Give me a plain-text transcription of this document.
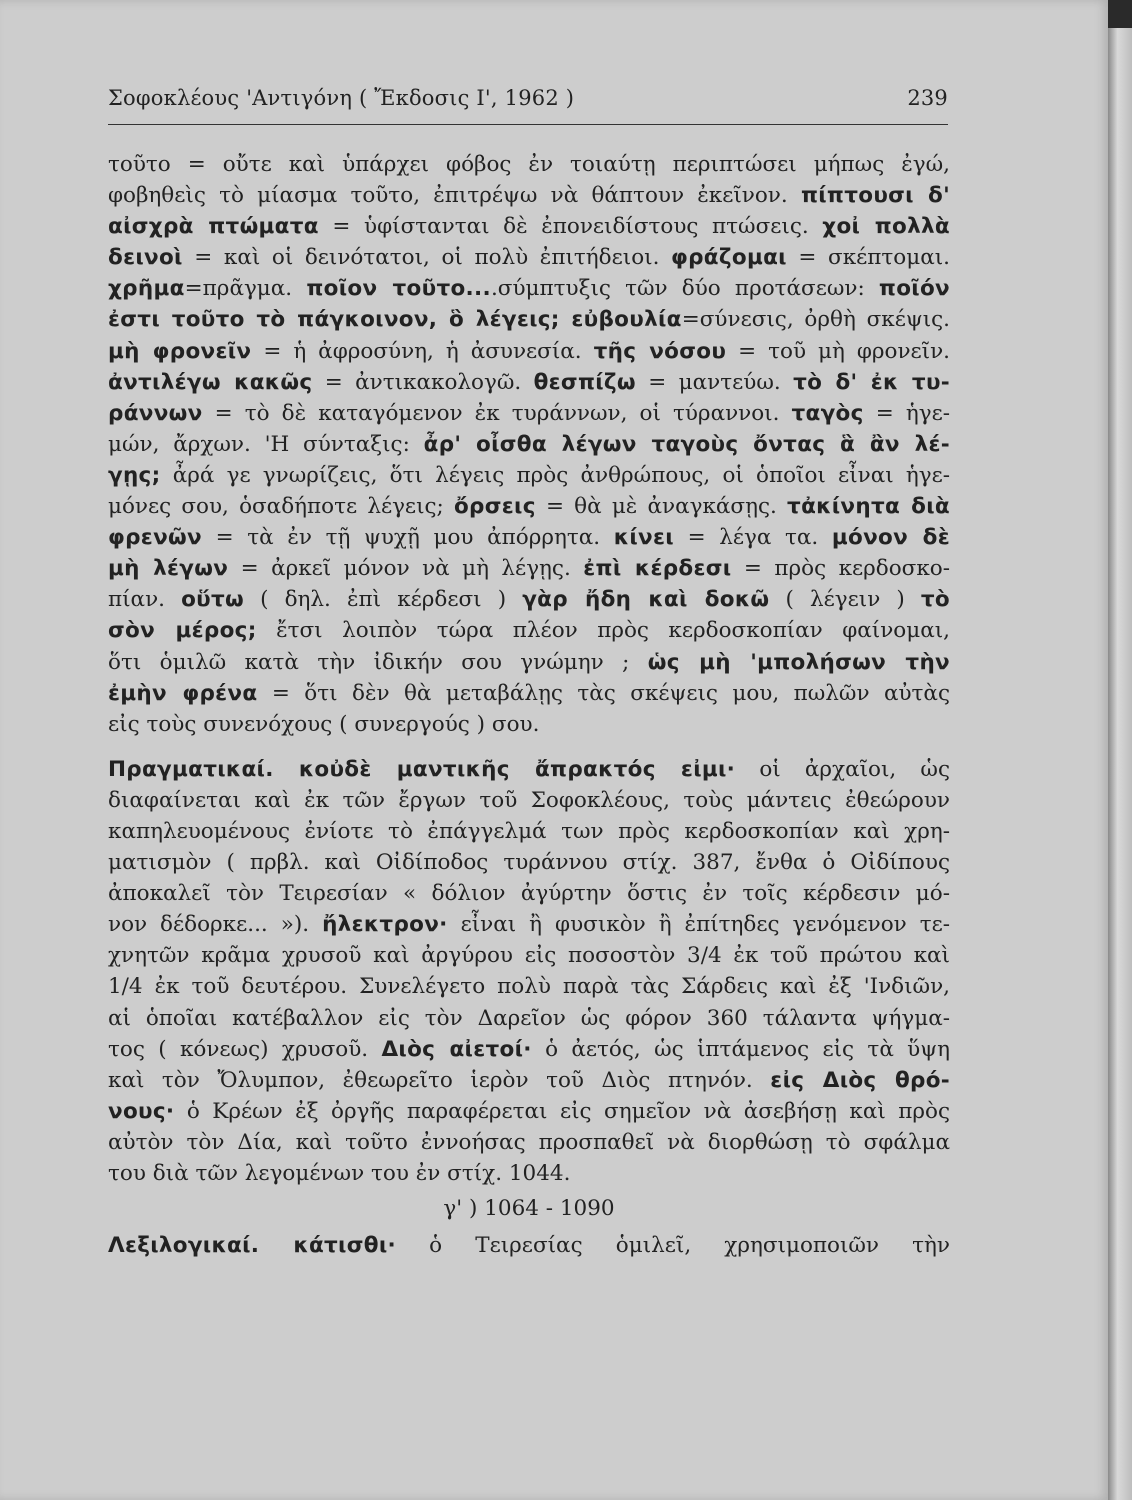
Σοφοκλέους 'Αντιγόνη ( Ἔκδοσις Ι', 1962 )	239
τοῦτο = οὔτε καὶ ὑπάρχει φόβος ἐν τοιαύτῃ περιπτώσει μήπως ἐγώ,
φοβηθεὶς τὸ μίασμα τοῦτο, ἐπιτρέψω νὰ θάπτουν ἐκεῖνον. πίπτουσι δ'
αἰσχρὰ πτώματα = ὑφίστανται δὲ ἐπονειδίστους πτώσεις. χοἰ πολλὰ
δεινοὶ = καὶ οἱ δεινότατοι, οἱ πολὺ ἐπιτήδειοι. φράζομαι = σκέπτομαι.
χρῆμα=πρᾶγμα. ποῖον τοῦτο....σύμπτυξις τῶν δύο προτάσεων: ποῖόν
ἐστι τοῦτο τὸ πάγκοινον, ὃ λέγεις; εὐβουλία=σύνεσις, ὀρθὴ σκέψις.
μὴ φρονεῖν = ἡ ἀφροσύνη, ἡ ἀσυνεσία. τῆς νόσου = τοῦ μὴ φρονεῖν.
ἀντιλέγω κακῶς = ἀντικακολογῶ. θεσπίζω = μαντεύω. τὸ δ' ἐκ τυ-
ράννων = τὸ δὲ καταγόμενον ἐκ τυράννων, οἱ τύραννοι. ταγὸς = ἡγε-
μών, ἄρχων. 'Η σύνταξις: ἆρ' οἶσθα λέγων ταγοὺς ὄντας ἃ ἂν λέ-
γῃς; ἆρά γε γνωρίζεις, ὅτι λέγεις πρὸς ἀνθρώπους, οἱ ὁποῖοι εἶναι ἡγε-
μόνες σου, ὁσαδήποτε λέγεις; ὄρσεις = θὰ μὲ ἀναγκάσῃς. τἀκίνητα διὰ
φρενῶν = τὰ ἐν τῇ ψυχῇ μου ἀπόρρητα. κίνει = λέγα τα. μόνον δὲ
μὴ λέγων = ἀρκεῖ μόνον νὰ μὴ λέγῃς. ἐπὶ κέρδεσι = πρὸς κερδοσκο-
πίαν. οὕτω ( δηλ. ἐπὶ κέρδεσι ) γὰρ ἤδη καὶ δοκῶ ( λέγειν ) τὸ
σὸν μέρος; ἔτσι λοιπὸν τώρα πλέον πρὸς κερδοσκοπίαν φαίνομαι,
ὅτι ὁμιλῶ κατὰ τὴν ἰδικήν σου γνώμην ; ὡς μὴ 'μπολήσων τὴν
ἐμὴν φρένα = ὅτι δὲν θὰ μεταβάλῃς τὰς σκέψεις μου, πωλῶν αὐτὰς
εἰς τοὺς συνενόχους ( συνεργούς ) σου.
Πραγματικαί. κοὐδὲ μαντικῆς ἄπρακτός εἰμι· οἱ ἀρχαῖοι, ὡς
διαφαίνεται καὶ ἐκ τῶν ἔργων τοῦ Σοφοκλέους, τοὺς μάντεις ἐθεώρουν
καπηλευομένους ἐνίοτε τὸ ἐπάγγελμά των πρὸς κερδοσκοπίαν καὶ χρη-
ματισμὸν ( πρβλ. καὶ Οἰδίποδος τυράννου στίχ. 387, ἔνθα ὁ Οἰδίπους
ἀποκαλεῖ τὸν Τειρεσίαν « δόλιον ἀγύρτην ὅστις ἐν τοῖς κέρδεσιν μό-
νον δέδορκε... »). ἤλεκτρον· εἶναι ἢ φυσικὸν ἢ ἐπίτηδες γενόμενον τε-
χνητῶν κρᾶμα χρυσοῦ καὶ ἀργύρου εἰς ποσοστὸν 3/4 ἐκ τοῦ πρώτου καὶ
1/4 ἐκ τοῦ δευτέρου. Συνελέγετο πολὺ παρὰ τὰς Σάρδεις καὶ ἐξ 'Ινδιῶν,
αἱ ὁποῖαι κατέβαλλον εἰς τὸν Δαρεῖον ὡς φόρον 360 τάλαντα ψήγμα-
τος ( κόνεως) χρυσοῦ. Διὸς αἰετοί· ὁ ἀετός, ὡς ἱπτάμενος εἰς τὰ ὕψη
καὶ τὸν Ὄλυμπον, ἐθεωρεῖτο ἱερὸν τοῦ Διὸς πτηνόν. εἰς Διὸς θρό-
νους· ὁ Κρέων ἐξ ὀργῆς παραφέρεται εἰς σημεῖον νὰ ἀσεβήσῃ καὶ πρὸς
αὐτὸν τὸν Δία, καὶ τοῦτο ἐννοήσας προσπαθεῖ νὰ διορθώσῃ τὸ σφάλμα
του διὰ τῶν λεγομένων του ἐν στίχ. 1044.
γ' ) 1064 - 1090
Λεξιλογικαί. κάτισθι· ὁ Τειρεσίας ὁμιλεῖ, χρησιμοποιῶν τὴν
